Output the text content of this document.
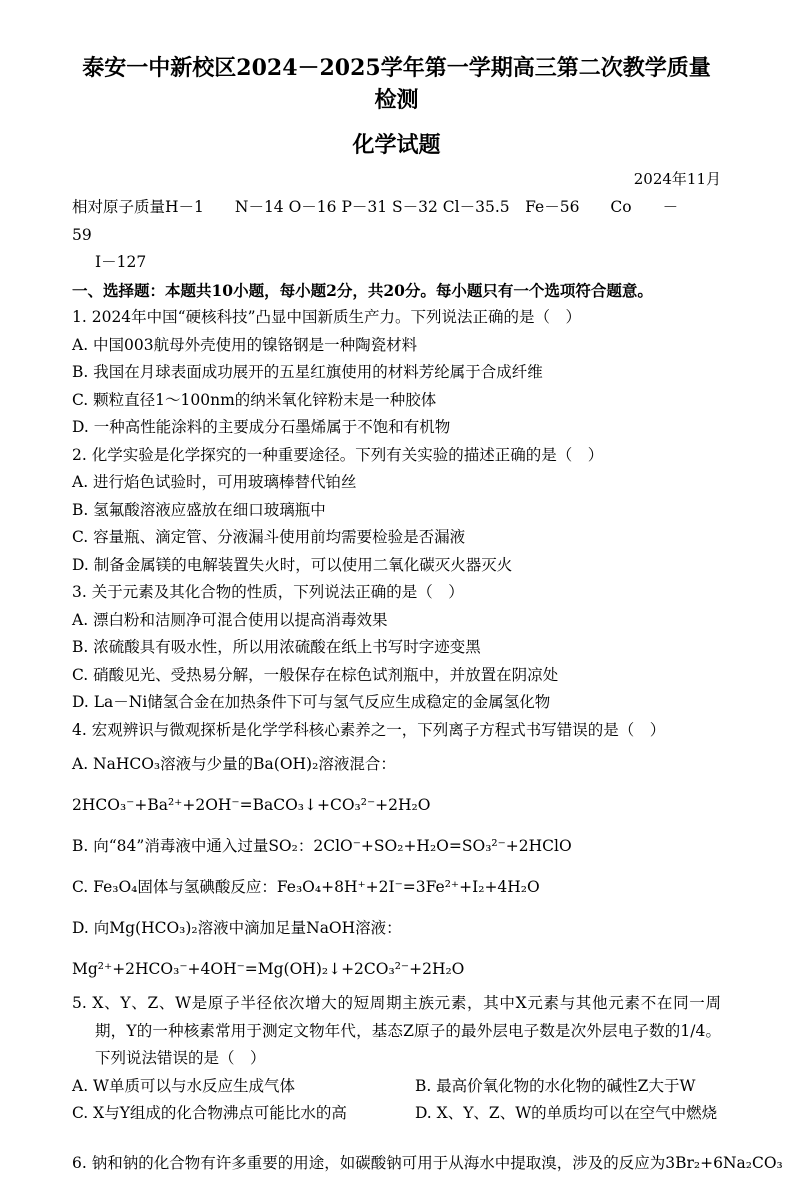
泰安一中新校区2024－2025学年第一学期高三第二次教学质量检测
化学试题
2024年11月
相对原子质量H－1　　N－14 O－16 P－31 S－32 Cl－35.5　Fe－56　　Co　　－　　59
I－127
一、选择题：本题共10小题，每小题2分，共20分。每小题只有一个选项符合题意。
1. 2024年中国“硬核科技”凸显中国新质生产力。下列说法正确的是（　）
A. 中国003航母外壳使用的镍铬钢是一种陶瓷材料
B. 我国在月球表面成功展开的五星红旗使用的材料芳纶属于合成纤维
C. 颗粒直径1～100nm的纳米氧化锌粉末是一种胶体
D. 一种高性能涂料的主要成分石墨烯属于不饱和有机物
2. 化学实验是化学探究的一种重要途径。下列有关实验的描述正确的是（　）
A. 进行焰色试验时，可用玻璃棒替代铂丝
B. 氢氟酸溶液应盛放在细口玻璃瓶中
C. 容量瓶、滴定管、分液漏斗使用前均需要检验是否漏液
D. 制备金属镁的电解装置失火时，可以使用二氧化碳灭火器灭火
3. 关于元素及其化合物的性质，下列说法正确的是（　）
A. 漂白粉和洁厕净可混合使用以提高消毒效果
B. 浓硫酸具有吸水性，所以用浓硫酸在纸上书写时字迹变黑
C. 硝酸见光、受热易分解，一般保存在棕色试剂瓶中，并放置在阴凉处
D. La－Ni储氢合金在加热条件下可与氢气反应生成稳定的金属氢化物
4. 宏观辨识与微观探析是化学学科核心素养之一，下列离子方程式书写错误的是（　）
A. NaHCO₃溶液与少量的Ba(OH)₂溶液混合：2HCO₃⁻+Ba²⁺+2OH⁻=BaCO₃↓+CO₃²⁻+2H₂O
B. 向“84”消毒液中通入过量SO₂：2ClO⁻+SO₂+H₂O=SO₃²⁻+2HClO
C. Fe₃O₄固体与氢碘酸反应：Fe₃O₄+8H⁺+2I⁻=3Fe²⁺+I₂+4H₂O
D. 向Mg(HCO₃)₂溶液中滴加足量NaOH溶液：
Mg²⁺+2HCO₃⁻+4OH⁻=Mg(OH)₂↓+2CO₃²⁻+2H₂O
5. X、Y、Z、W是原子半径依次增大的短周期主族元素，其中X元素与其他元素不在同一周期，Y的一种核素常用于测定文物年代，基态Z原子的最外层电子数是次外层电子数的1/4。下列说法错误的是（　）
A. W单质可以与水反应生成气体	B. 最高价氧化物的水化物的碱性Z大于W
C. X与Y组成的化合物沸点可能比水的高	D. X、Y、Z、W的单质均可以在空气中燃烧
6. 钠和钠的化合物有许多重要的用途，如碳酸钠可用于从海水中提取溴，涉及的反应为3Br₂+6Na₂CO₃
